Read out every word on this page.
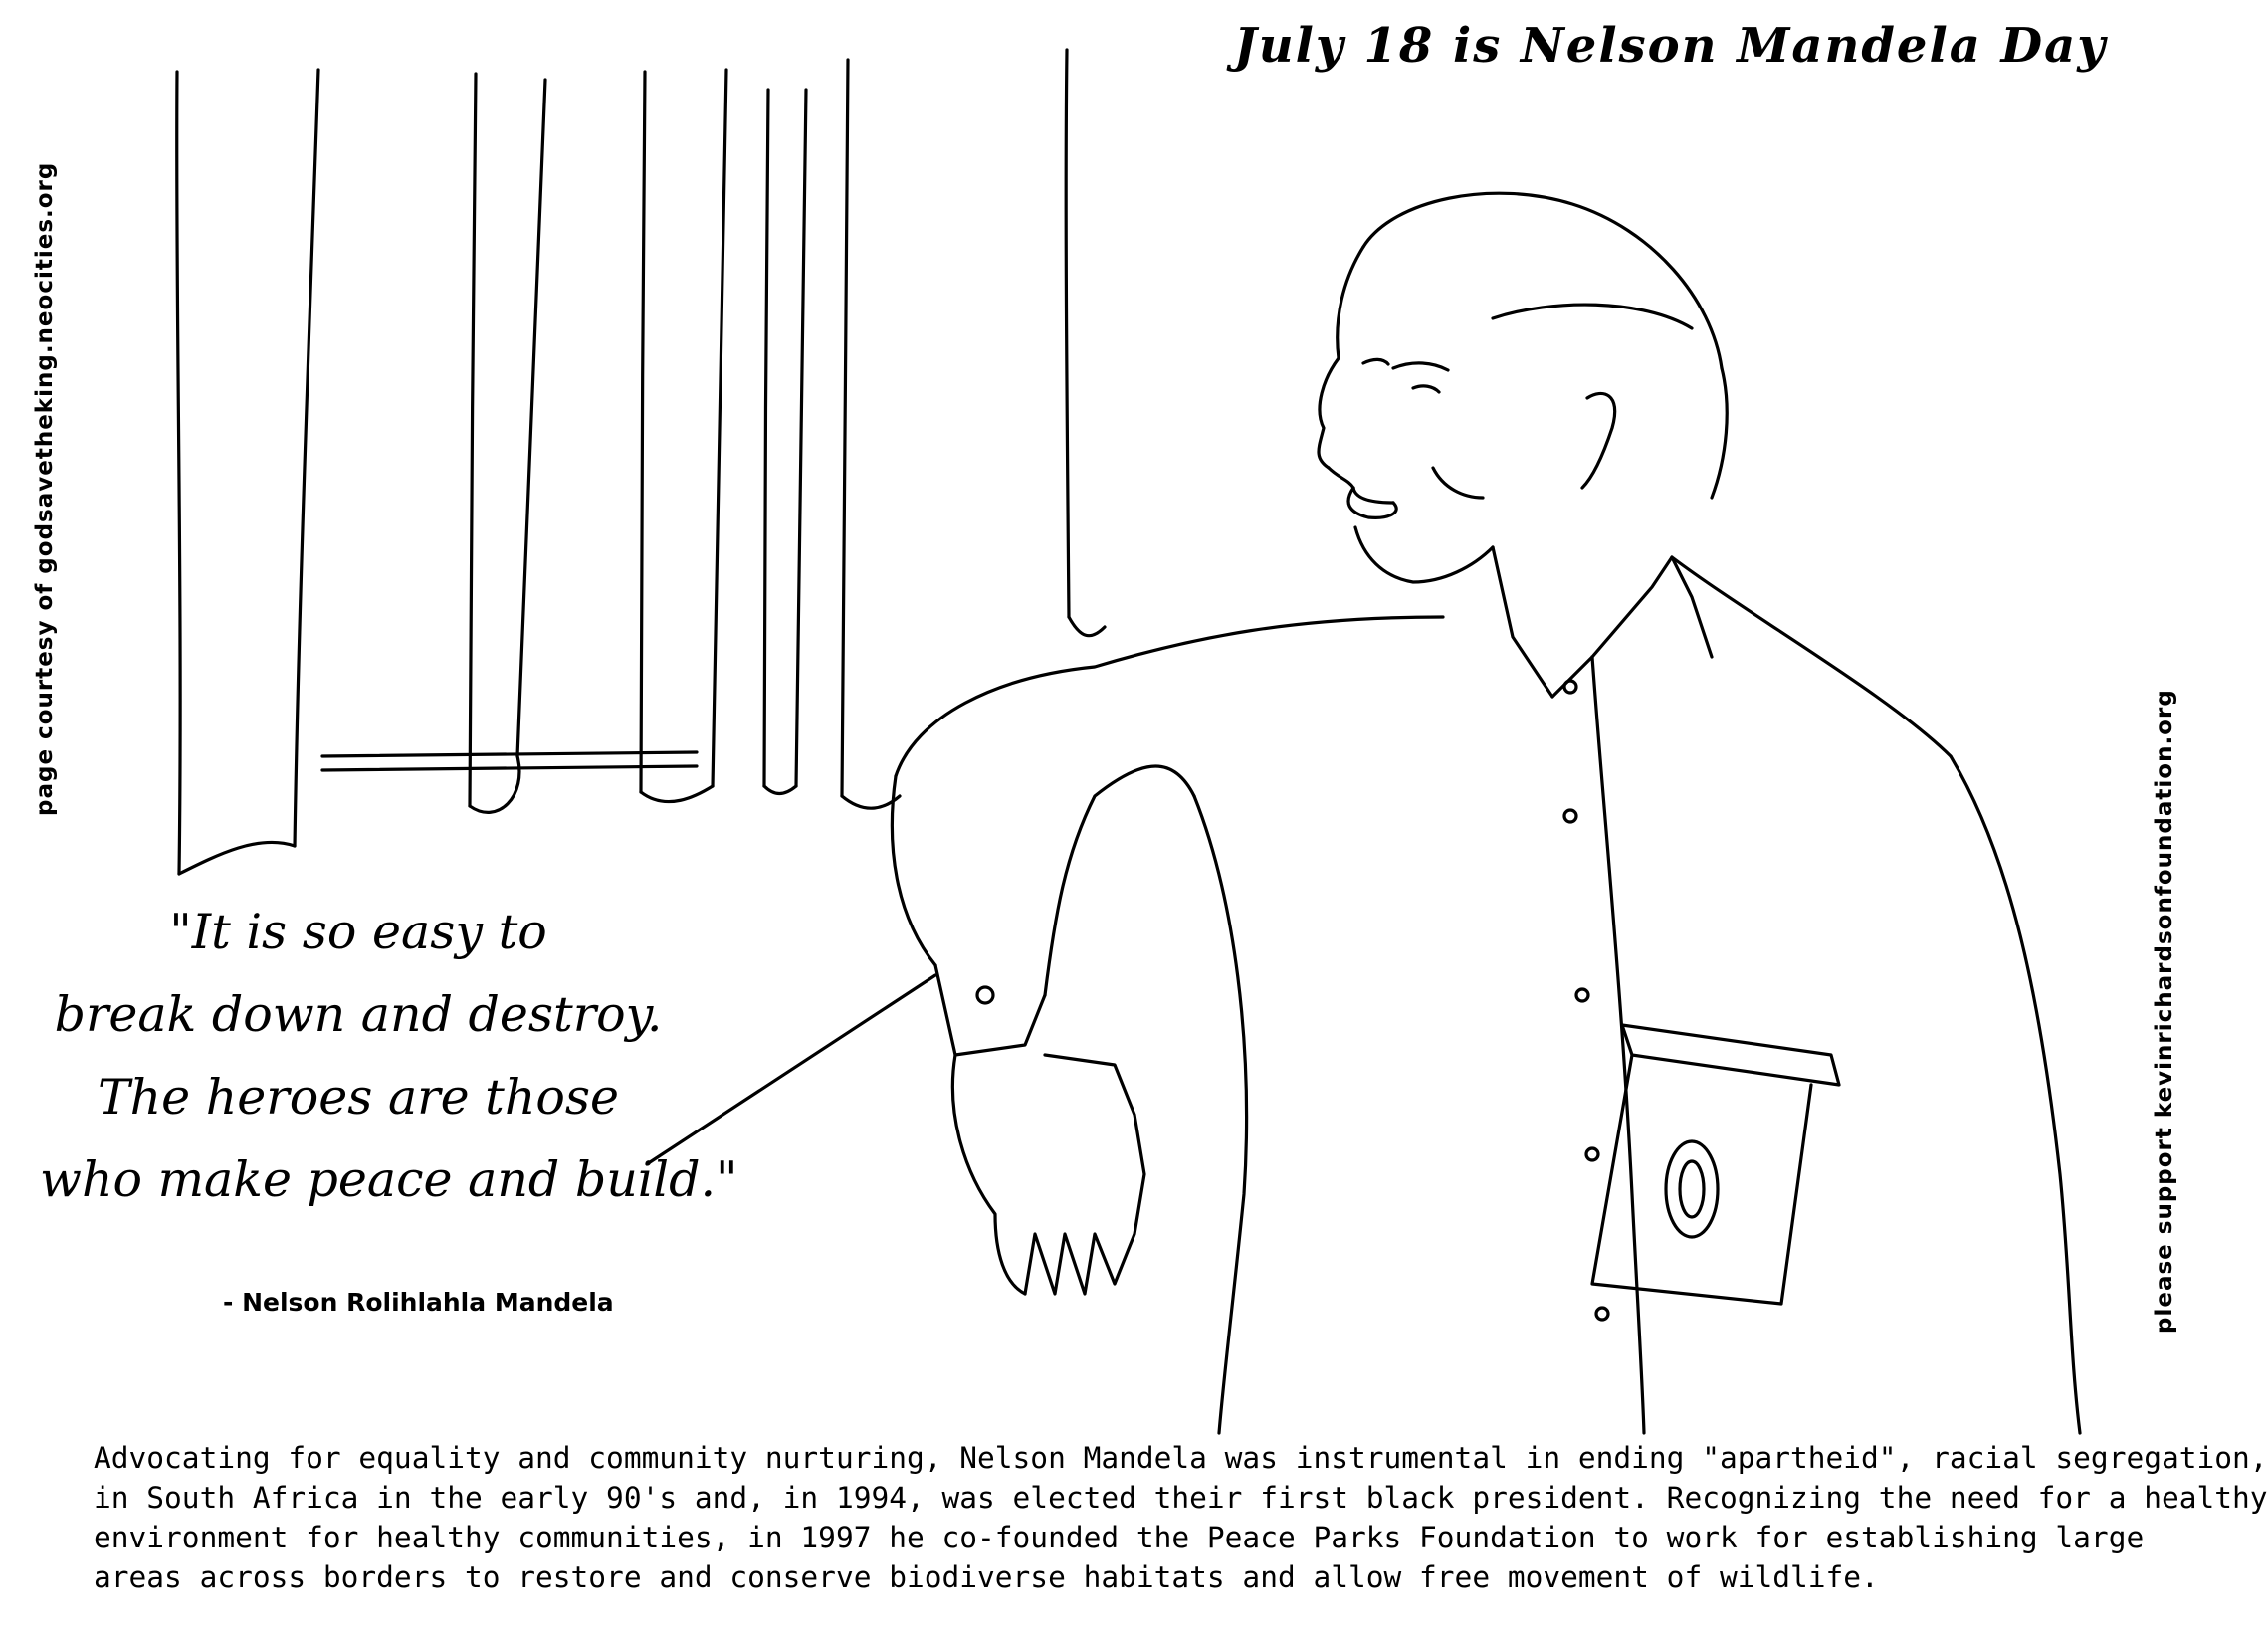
July 18 is Nelson Mandela Day
page courtesy of godsavetheking.neocities.org
please support kevinrichardsonfoundation.org
"It is so easy to
break down and destroy.
The heroes are those
who make peace and build."
- Nelson Rolihlahla Mandela
Advocating for equality and community nurturing, Nelson Mandela was instrumental in ending "apartheid", racial segregation,
in South Africa in the early 90's and, in 1994, was elected their first black president. Recognizing the need for a healthy
environment for healthy communities, in 1997 he co-founded the Peace Parks Foundation to work for establishing large
areas across borders to restore and conserve biodiverse habitats and allow free movement of wildlife.
